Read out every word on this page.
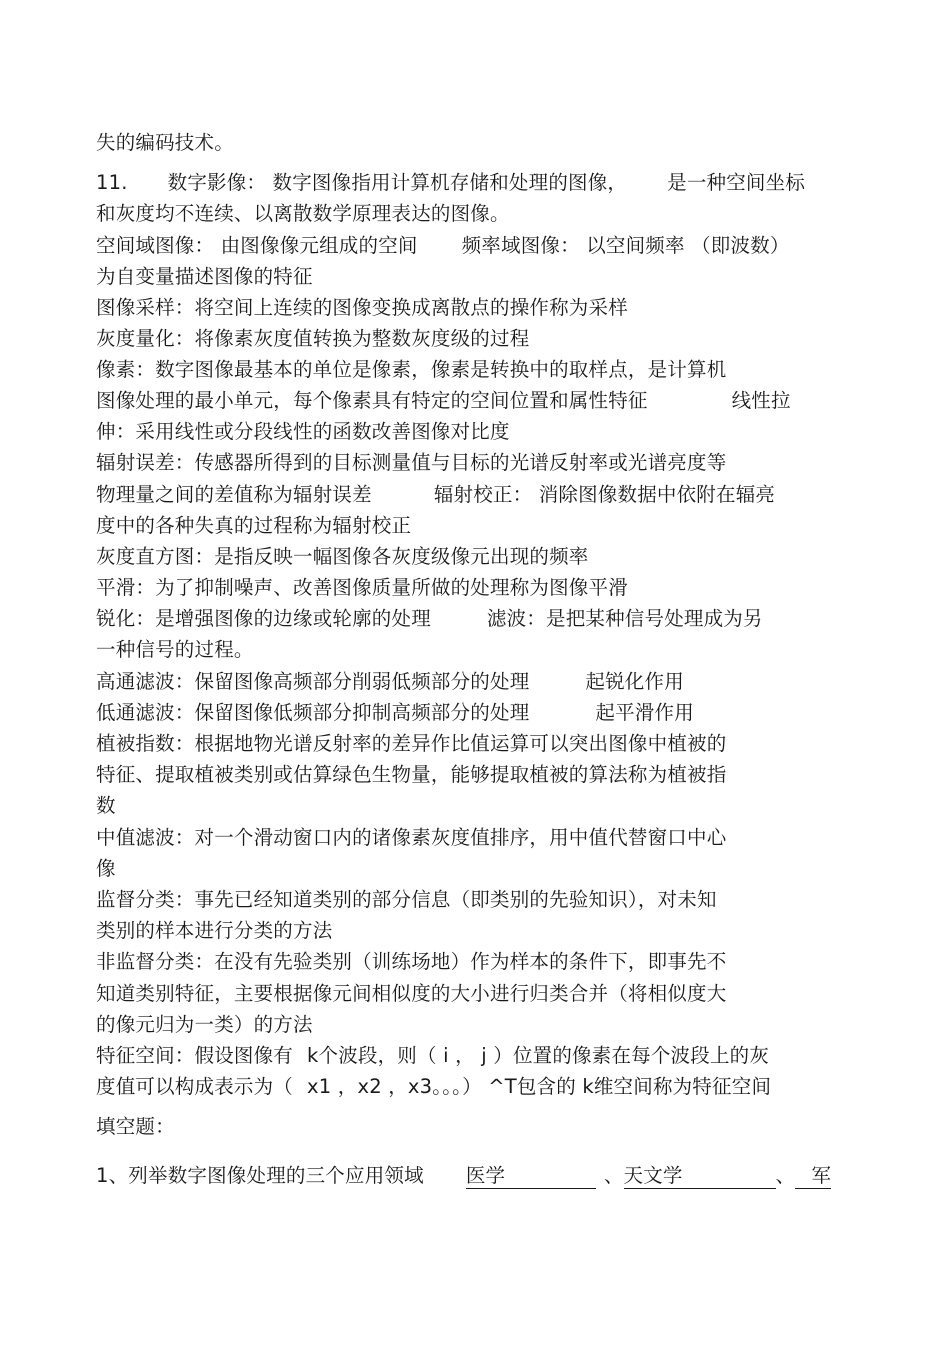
失的编码技术。
11. 数字影像： 数字图像指用计算机存储和处理的图像， 是一种空间坐标
和灰度均不连续、以离散数学原理表达的图像。
空间域图像： 由图像像元组成的空间 频率域图像： 以空间频率 （即波数）
为自变量描述图像的特征
图像采样：将空间上连续的图像变换成离散点的操作称为采样
灰度量化：将像素灰度值转换为整数灰度级的过程
像素：数字图像最基本的单位是像素，像素是转换中的取样点，是计算机
图像处理的最小单元，每个像素具有特定的空间位置和属性特征	线性拉
伸：采用线性或分段线性的函数改善图像对比度
辐射误差：传感器所得到的目标测量值与目标的光谱反射率或光谱亮度等
物理量之间的差值称为辐射误差	辐射校正： 消除图像数据中依附在辐亮
度中的各种失真的过程称为辐射校正
灰度直方图：是指反映一幅图像各灰度级像元出现的频率
平滑：为了抑制噪声、改善图像质量所做的处理称为图像平滑
锐化：是增强图像的边缘或轮廓的处理	滤波：是把某种信号处理成为另
一种信号的过程。
高通滤波：保留图像高频部分削弱低频部分的处理	起锐化作用
低通滤波：保留图像低频部分抑制高频部分的处理	起平滑作用
植被指数：根据地物光谱反射率的差异作比值运算可以突出图像中植被的
特征、提取植被类别或估算绿色生物量，能够提取植被的算法称为植被指
数
中值滤波：对一个滑动窗口内的诸像素灰度值排序，用中值代替窗口中心
像
监督分类：事先已经知道类别的部分信息（即类别的先验知识），对未知
类别的样本进行分类的方法
非监督分类：在没有先验类别（训练场地）作为样本的条件下，即事先不
知道类别特征，主要根据像元间相似度的大小进行归类合并（将相似度大
的像元归为一类）的方法
特征空间：假设图像有 k个波段，则（ i ， j ）位置的像素在每个波段上的灰
度值可以构成表示为（ x1 ，x2 ，x3。。。） ^T包含的 k维空间称为特征空间
填空题：
1、列举数字图像处理的三个应用领域 医学	、天文学	、 军
